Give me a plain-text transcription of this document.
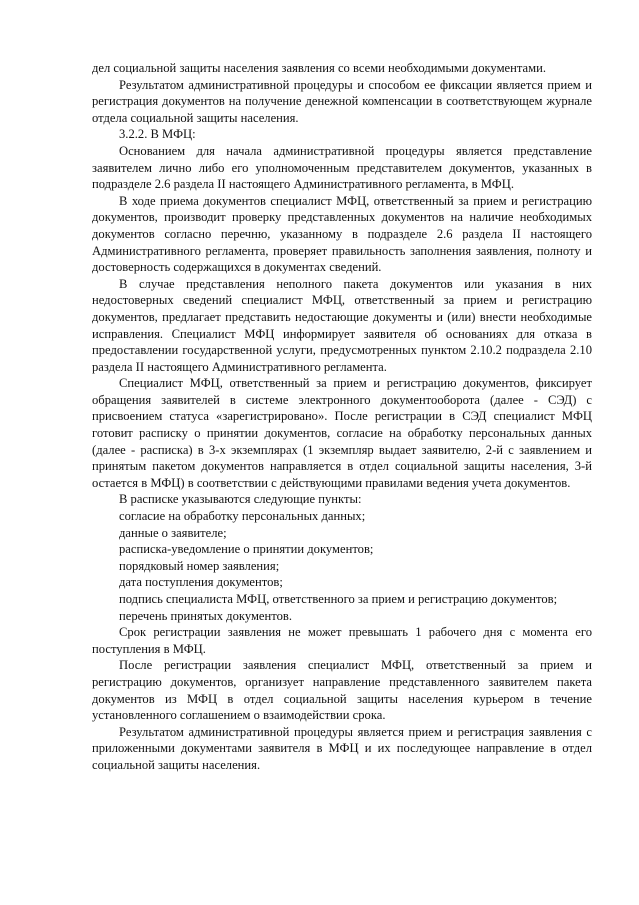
дел социальной защиты населения заявления со всеми необходимыми документами.

Результатом административной процедуры и способом ее фиксации является прием и регистрация документов на получение денежной компенсации в соответствующем журнале отдела социальной защиты населения.

3.2.2. В МФЦ:

Основанием для начала административной процедуры является представление заявителем лично либо его уполномоченным представителем документов, указанных в подразделе 2.6 раздела II настоящего Административного регламента, в МФЦ.

В ходе приема документов специалист МФЦ, ответственный за прием и регистрацию документов, производит проверку представленных документов на наличие необходимых документов согласно перечню, указанному в подразделе 2.6 раздела II настоящего Административного регламента, проверяет правильность заполнения заявления, полноту и достоверность содержащихся в документах сведений.

В случае представления неполного пакета документов или указания в них недостоверных сведений специалист МФЦ, ответственный за прием и регистрацию документов, предлагает представить недостающие документы и (или) внести необходимые исправления. Специалист МФЦ информирует заявителя об основаниях для отказа в предоставлении государственной услуги, предусмотренных пунктом 2.10.2 подраздела 2.10 раздела II настоящего Административного регламента.

Специалист МФЦ, ответственный за прием и регистрацию документов, фиксирует обращения заявителей в системе электронного документооборота (далее - СЭД) с присвоением статуса «зарегистрировано». После регистрации в СЭД специалист МФЦ готовит расписку о принятии документов, согласие на обработку персональных данных (далее - расписка) в 3-х экземплярах (1 экземпляр выдает заявителю, 2-й с заявлением и принятым пакетом документов направляется в отдел социальной защиты населения, 3-й остается в МФЦ) в соответствии с действующими правилами ведения учета документов.

В расписке указываются следующие пункты:

согласие на обработку персональных данных;

данные о заявителе;

расписка-уведомление о принятии документов;

порядковый номер заявления;

дата поступления документов;

подпись специалиста МФЦ, ответственного за прием и регистрацию документов;

перечень принятых документов.

Срок регистрации заявления не может превышать 1 рабочего дня с момента его поступления в МФЦ.

После регистрации заявления специалист МФЦ, ответственный за прием и регистрацию документов, организует направление представленного заявителем пакета документов из МФЦ в отдел социальной защиты населения курьером в течение установленного соглашением о взаимодействии срока.

Результатом административной процедуры является прием и регистрация заявления с приложенными документами заявителя в МФЦ и их последующее направление в отдел социальной защиты населения.
